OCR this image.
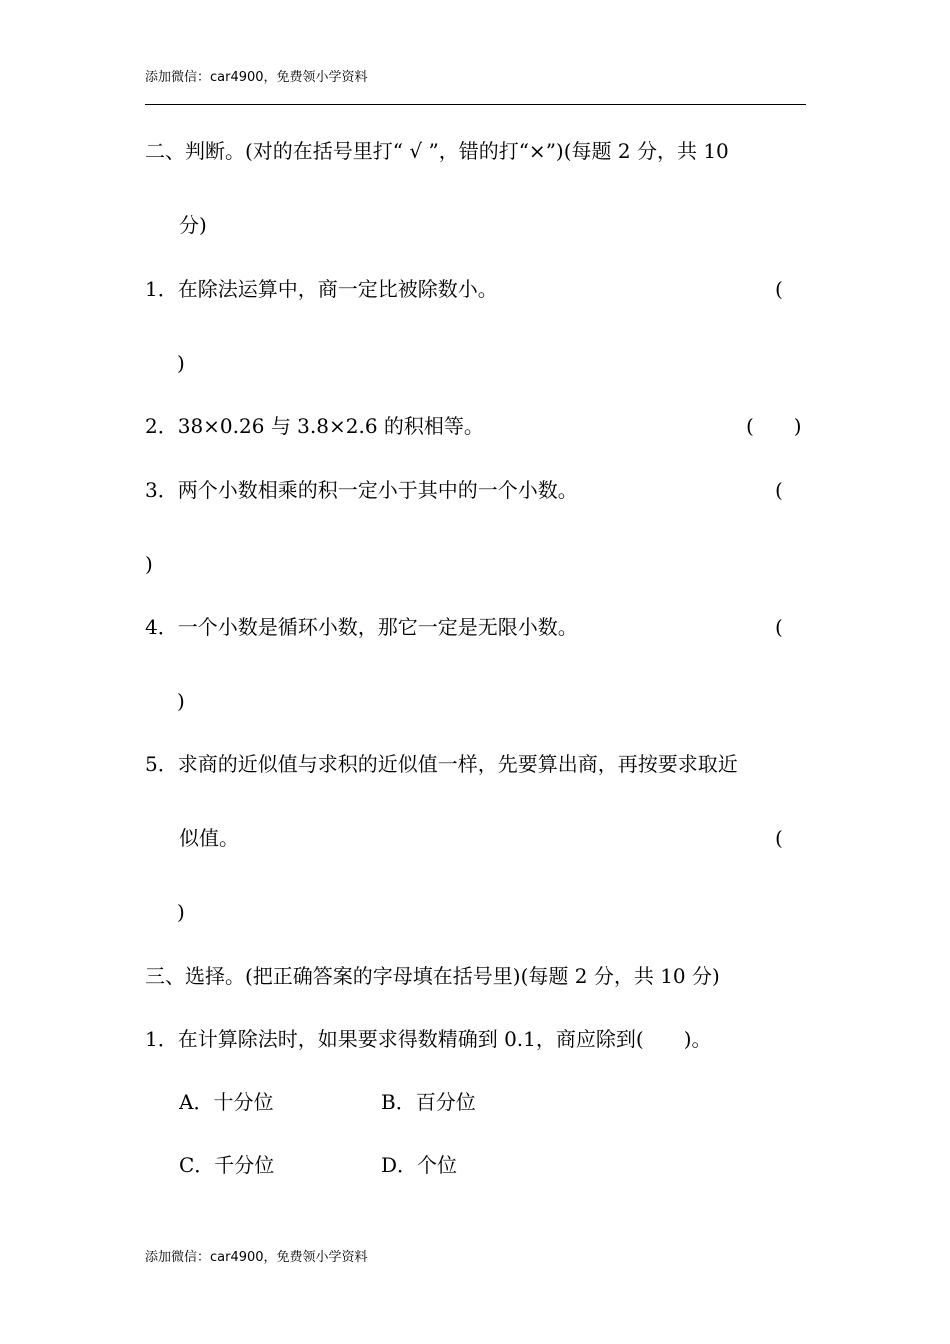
添加微信：car4900，免费领小学资料
二、判断。(对的在括号里打“ √ ”，错的打“×”)(每题 2 分，共 10
分)
1．在除法运算中，商一定比被除数小。	(
)
2．38×0.26 与 3.8×2.6 的积相等。	(　　)
3．两个小数相乘的积一定小于其中的一个小数。	(
)
4．一个小数是循环小数，那它一定是无限小数。	(
)
5．求商的近似值与求积的近似值一样，先要算出商，再按要求取近
似值。	(
)
三、选择。(把正确答案的字母填在括号里)(每题 2 分，共 10 分)
1．在计算除法时，如果要求得数精确到 0.1，商应除到(　　)。
A．十分位	B．百分位
C．千分位	D．个位
添加微信：car4900，免费领小学资料
